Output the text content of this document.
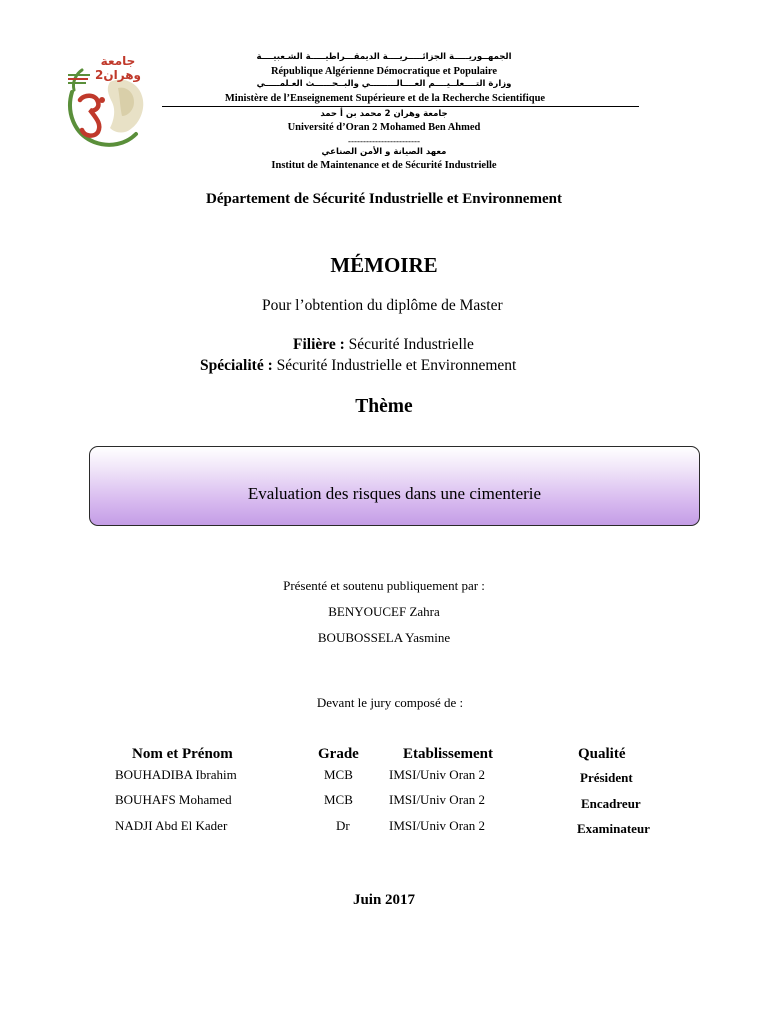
جامعة وهران2
الجمهــوريـــــة الجزائـــــريــــة الديمقـــراطيـــــة الشـعبيــــة
République Algérienne Démocratique et Populaire
وزارة التــــعلــيــــم العــــالـــــــــي والبــحــــــث العـلمـــــي
Ministère de l’Enseignement Supérieure et de la Recherche Scientifique
جامعة وهران 2 محمد بن أ حمد
Université d’Oran 2 Mohamed Ben Ahmed
------------------------
معهد الصيانة و الأمن الصناعي
Institut de Maintenance et de Sécurité Industrielle
Département de Sécurité Industrielle et Environnement
MÉMOIRE
Pour l’obtention du diplôme de Master
Filière : Sécurité Industrielle
Spécialité : Sécurité Industrielle et Environnement
Thème
Evaluation des risques dans une cimenterie
Présenté et soutenu publiquement par :
BENYOUCEF Zahra
BOUBOSSELA Yasmine
Devant le jury composé de :
Nom et Prénom	Grade	Etablissement	Qualité
BOUHADIBA Ibrahim	MCB	IMSI/Univ Oran 2	Président
BOUHAFS Mohamed	MCB	IMSI/Univ Oran 2	Encadreur
NADJI Abd El Kader	Dr	IMSI/Univ Oran 2	Examinateur
Juin 2017
